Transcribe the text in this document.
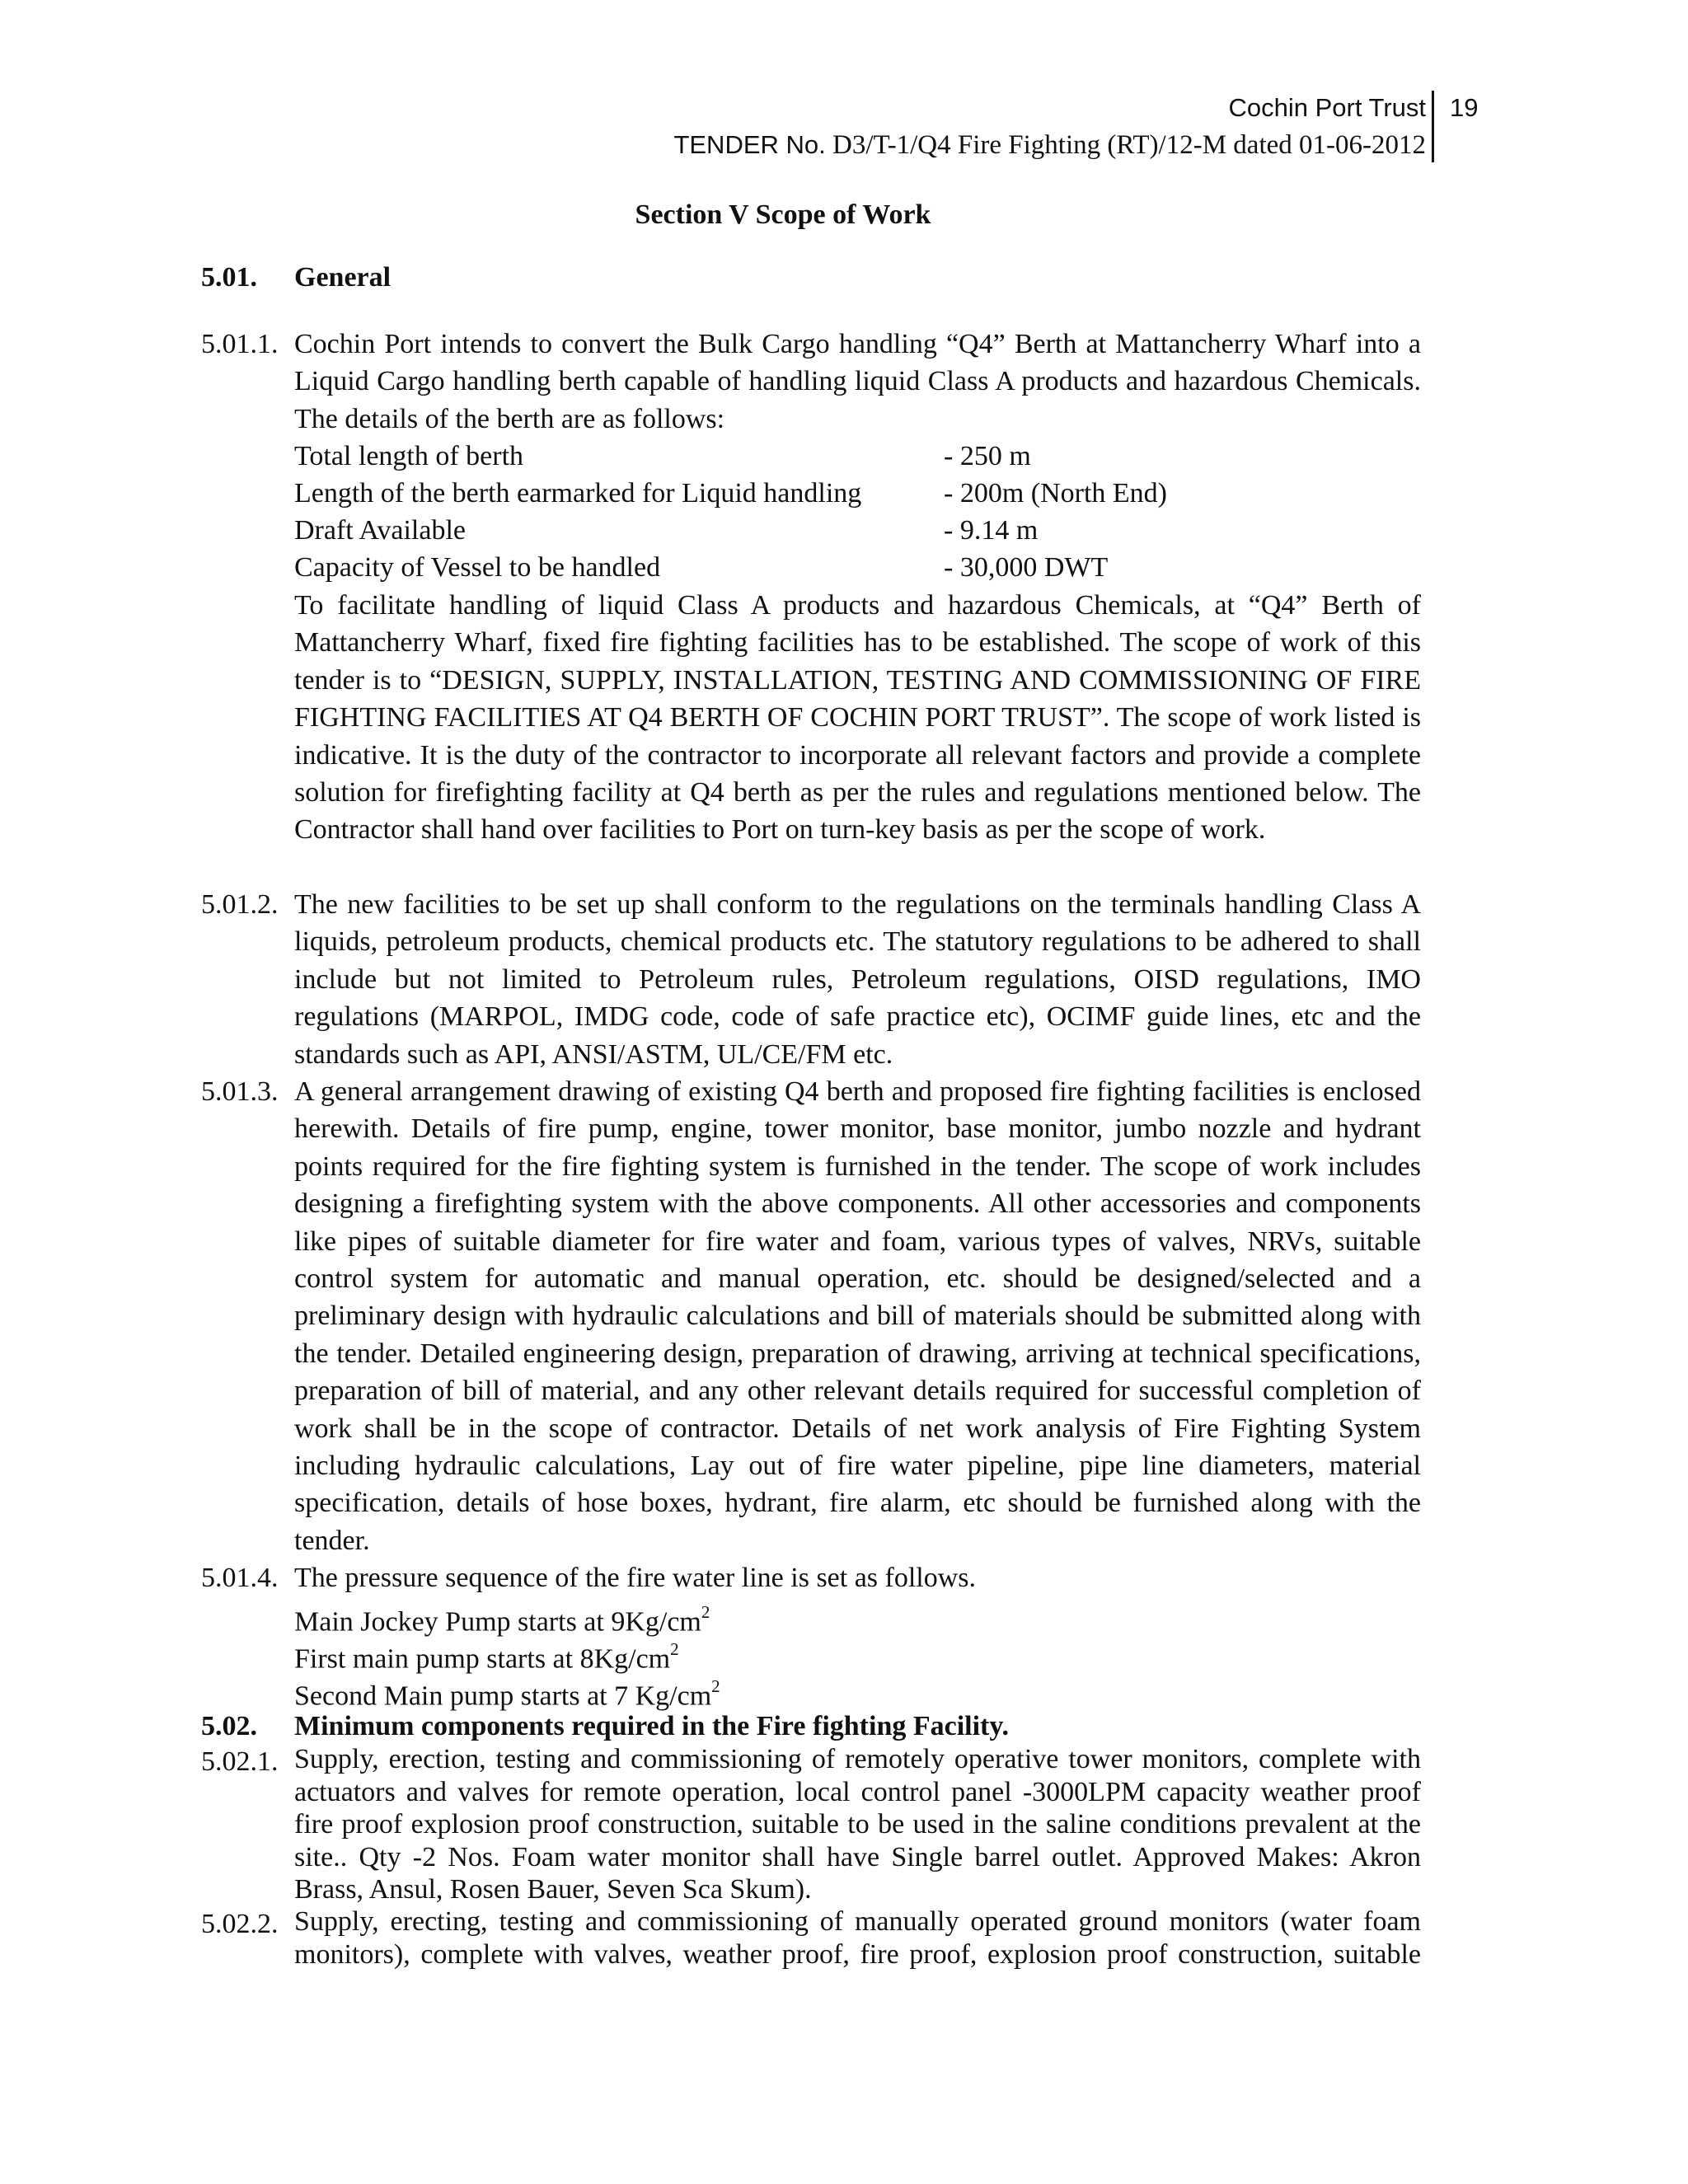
Cochin Port Trust
TENDER No. D3/T-1/Q4 Fire Fighting (RT)/12-M dated 01-06-2012
19
Section V Scope of Work
5.01. General
5.01.1. Cochin Port intends to convert the Bulk Cargo handling “Q4” Berth at Mattancherry Wharf into a Liquid Cargo handling berth capable of handling liquid Class A products and hazardous Chemicals. The details of the berth are as follows:
Total length of berth	- 250 m
Length of the berth earmarked for Liquid handling	- 200m (North End)
Draft Available	- 9.14 m
Capacity of Vessel to be handled	- 30,000 DWT
To facilitate handling of liquid Class A products and hazardous Chemicals, at “Q4” Berth of Mattancherry Wharf, fixed fire fighting facilities has to be established. The scope of work of this tender is to “DESIGN, SUPPLY, INSTALLATION, TESTING AND COMMISSIONING OF FIRE FIGHTING FACILITIES AT Q4 BERTH OF COCHIN PORT TRUST”. The scope of work listed is indicative. It is the duty of the contractor to incorporate all relevant factors and provide a complete solution for firefighting facility at Q4 berth as per the rules and regulations mentioned below. The Contractor shall hand over facilities to Port on turn-key basis as per the scope of work.
5.01.2. The new facilities to be set up shall conform to the regulations on the terminals handling Class A liquids, petroleum products, chemical products etc. The statutory regulations to be adhered to shall include but not limited to Petroleum rules, Petroleum regulations, OISD regulations, IMO regulations (MARPOL, IMDG code, code of safe practice etc), OCIMF guide lines, etc and the standards such as API, ANSI/ASTM, UL/CE/FM etc.
5.01.3. A general arrangement drawing of existing Q4 berth and proposed fire fighting facilities is enclosed herewith. Details of fire pump, engine, tower monitor, base monitor, jumbo nozzle and hydrant points required for the fire fighting system is furnished in the tender. The scope of work includes designing a firefighting system with the above components. All other accessories and components like pipes of suitable diameter for fire water and foam, various types of valves, NRVs, suitable control system for automatic and manual operation, etc. should be designed/selected and a preliminary design with hydraulic calculations and bill of materials should be submitted along with the tender. Detailed engineering design, preparation of drawing, arriving at technical specifications, preparation of bill of material, and any other relevant details required for successful completion of work shall be in the scope of contractor. Details of net work analysis of Fire Fighting System including hydraulic calculations, Lay out of fire water pipeline, pipe line diameters, material specification, details of hose boxes, hydrant, fire alarm, etc should be furnished along with the tender.
5.01.4. The pressure sequence of the fire water line is set as follows.
Main Jockey Pump starts at $9Kg/cm^2$
First main pump starts at $8Kg/cm^2$
Second Main pump starts at 7 $Kg/cm^2$
5.02. Minimum components required in the Fire fighting Facility.
5.02.1. Supply, erection, testing and commissioning of remotely operative tower monitors, complete with actuators and valves for remote operation, local control panel -3000LPM capacity weather proof fire proof explosion proof construction, suitable to be used in the saline conditions prevalent at the site.. Qty -2 Nos. Foam water monitor shall have Single barrel outlet. Approved Makes: Akron Brass, Ansul, Rosen Bauer, Seven Sca Skum).
5.02.2. Supply, erecting, testing and commissioning of manually operated ground monitors (water foam monitors), complete with valves, weather proof, fire proof, explosion proof construction, suitable
